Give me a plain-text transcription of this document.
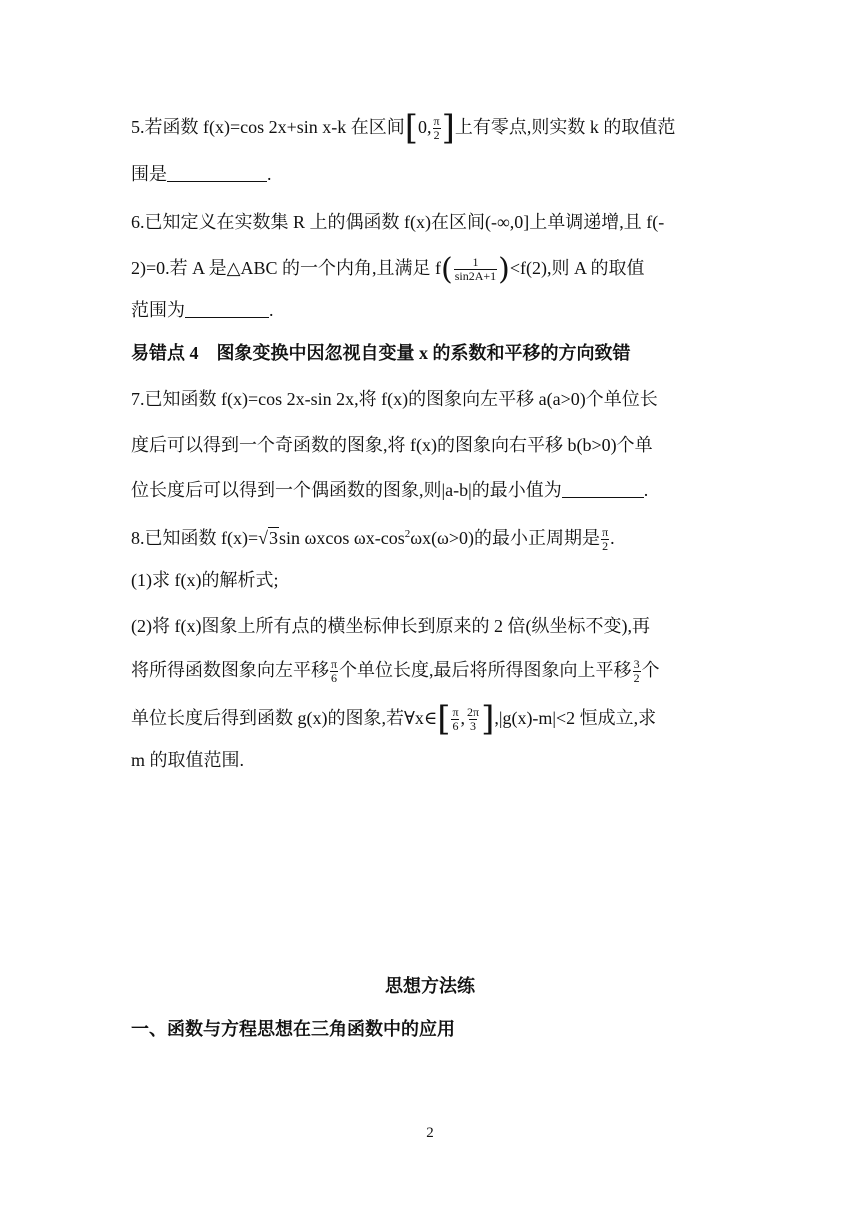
5.若函数 f(x)=cos 2x+sin x-k 在区间[0, $\frac{\pi}{2}$ ]上有零点,则实数 k 的取值范
围是	.
6.已知定义在实数集 R 上的偶函数 f(x)在区间(-∞,0]上单调递增,且 f(-
2)=0.若 A 是△ABC 的一个内角,且满足 $f( \frac{1}{\sin 2A+1} )<f(2)$,则 A 的取值
范围为	.
易错点 4　图象变换中因忽视自变量 x 的系数和平移的方向致错
7.已知函数 f(x)=cos 2x-sin 2x,将 f(x)的图象向左平移 a(a>0)个单位长
度后可以得到一个奇函数的图象,将 f(x)的图象向右平移 b(b>0)个单
位长度后可以得到一个偶函数的图象,则|a-b|的最小值为	.
8.已知函数 f(x)=√3sin ωxcos $\omega x-\cos^2\omega x(\omega>0)$的最小正周期是 $\frac{\pi}{2}$ .
(1)求 f(x)的解析式;
(2)将 f(x)图象上所有点的横坐标伸长到原来的 2 倍(纵坐标不变),再
将所得函数图象向左平移 $\frac{\pi}{6}$ 个单位长度,最后将所得图象向上平移 $\frac{3}{2}$ 个
单位长度后得到函数 g(x)的图象,若∀x∈[ $\frac{\pi}{6}$ , $\frac{2\pi}{3} ],|g(x)-m|<2$ 恒成立,求
m 的取值范围.
思想方法练
一、函数与方程思想在三角函数中的应用
2
